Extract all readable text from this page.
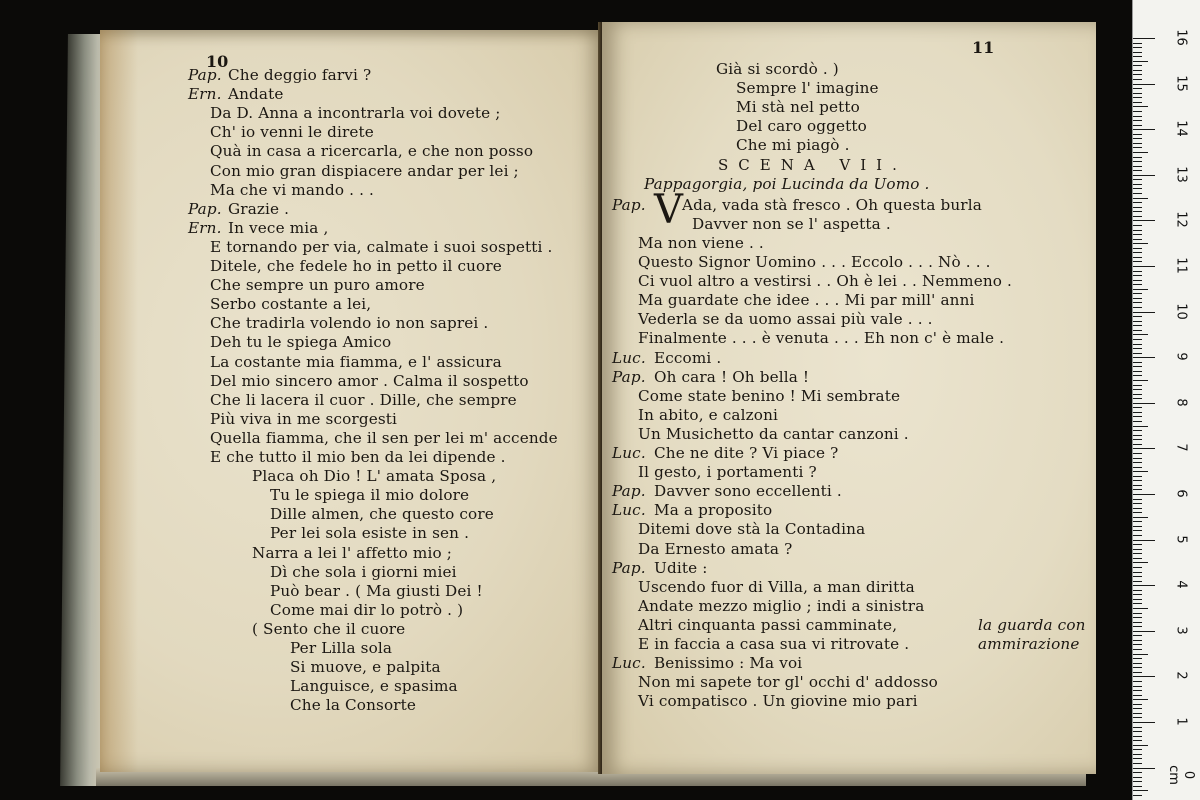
10
Pap. Che deggio farvi ?
Ern. Andate
Da D. Anna a incontrarla voi dovete ;
Ch' io venni le direte
Quà in casa a ricercarla, e che non posso
Con mio gran dispiacere andar per lei ;
Ma che vi mando . . .
Pap. Grazie .
Ern. In vece mia ,
E tornando per via, calmate i suoi sospetti .
Ditele, che fedele ho in petto il cuore
Che sempre un puro amore
Serbo costante a lei,
Che tradirla volendo io non saprei .
Deh tu le spiega Amico
La costante mia fiamma, e l' assicura
Del mio sincero amor . Calma il sospetto
Che li lacera il cuor . Dille, che sempre
Più viva in me scorgesti
Quella fiamma, che il sen per lei m' accende
E che tutto il mio ben da lei dipende .
Placa oh Dio ! L' amata Sposa ,
Tu le spiega il mio dolore
Dille almen, che questo core
Per lei sola esiste in sen .
Narra a lei l' affetto mio ;
Dì che sola i giorni miei
Può bear . ( Ma giusti Dei !
Come mai dir lo potrò . )
( Sento che il cuore
Per Lilla sola
Si muove, e palpita
Languisce, e spasima
Che la Consorte
11
Già si scordò . )
Sempre l' imagine
Mi stà nel petto
Del caro oggetto
Che mi piagò .
SCENA VII.
Pappagorgia, poi Lucinda da Uomo .
Pap. V Ada, vada stà fresco . Oh questa burla
Davver non se l' aspetta .
Ma non viene . .
Questo Signor Uomino . . . Eccolo . . . Nò . . .
Ci vuol altro a vestirsi . . Oh è lei . . Nemmeno .
Ma guardate che idee . . . Mi par mill' anni
Vederla se da uomo assai più vale . . .
Finalmente . . . è venuta . . . Eh non c' è male .
Luc. Eccomi .
Pap. Oh cara ! Oh bella !
Come state benino ! Mi sembrate
In abito, e calzoni
Un Musichetto da cantar canzoni .
Luc. Che ne dite ? Vi piace ?
Il gesto, i portamenti ?
Pap. Davver sono eccellenti .
Luc. Ma a proposito
Ditemi dove stà la Contadina
Da Ernesto amata ?
Pap. Udite :
Uscendo fuor di Villa, a man diritta
Andate mezzo miglio ; indi a sinistra
Altri cinquanta passi camminate,	la guarda con
E in faccia a casa sua vi ritrovate .	ammirazione
Luc. Benissimo : Ma voi
Non mi sapete tor gl' occhi d' addosso
Vi compatisco . Un giovine mio pari
16
15
14
13
12
11
10
9
8
7
6
5
4
3
2
1
0 cm
